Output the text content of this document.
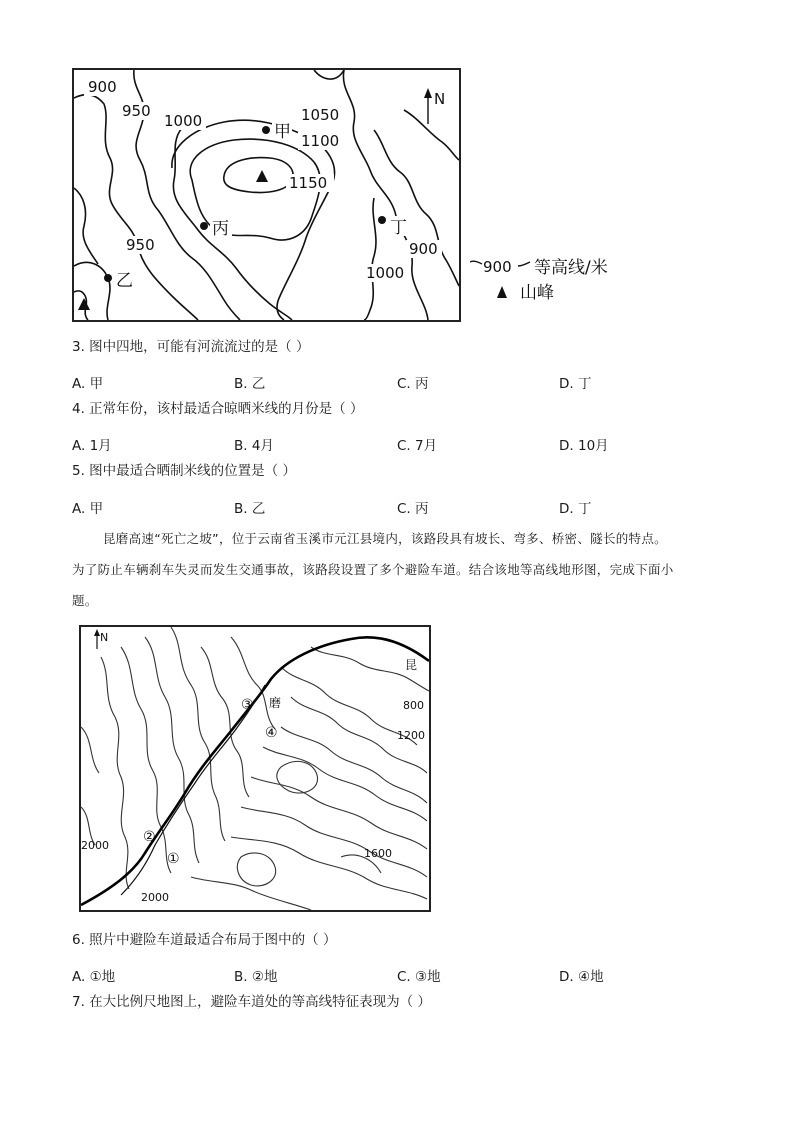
900
950
1000	1050
1100
1150
950
1000
900
甲
乙
丙	丁
N
900 等高线/米
山峰
3. 图中四地，可能有河流流过的是（ ）
A. 甲	B. 乙	C. 丙	D. 丁
4. 正常年份，该村最适合晾晒米线的月份是（ ）
A. 1月	B. 4月	C. 7月	D. 10月
5. 图中最适合晒制米线的位置是（ ）
A. 甲	B. 乙	C. 丙	D. 丁
昆磨高速“死亡之坡”，位于云南省玉溪市元江县境内，该路段具有坡长、弯多、桥密、隧长的特点。
为了防止车辆刹车失灵而发生交通事故，该路段设置了多个避险车道。结合该地等高线地形图，完成下面小
题。
N
800
1200
1600
2000
2000
③
④
②
①
昆
磨
6. 照片中避险车道最适合布局于图中的（ ）
A. ①地	B. ②地	C. ③地	D. ④地
7. 在大比例尺地图上，避险车道处的等高线特征表现为（ ）
